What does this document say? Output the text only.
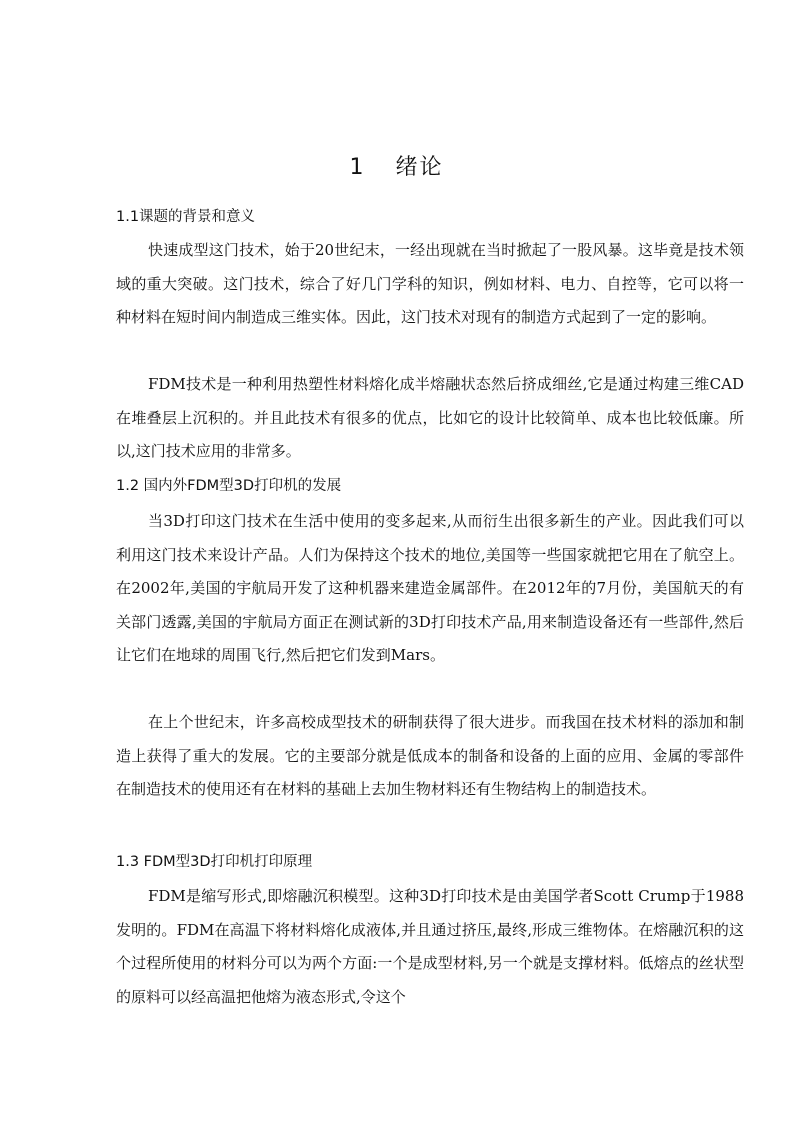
1 绪论
1.1课题的背景和意义
快速成型这门技术，始于20世纪末，一经出现就在当时掀起了一股风暴。这毕竟是技术领域的重大突破。这门技术，综合了好几门学科的知识，例如材料、电力、自控等，它可以将一种材料在短时间内制造成三维实体。因此，这门技术对现有的制造方式起到了一定的影响。
FDM技术是一种利用热塑性材料熔化成半熔融状态然后挤成细丝,它是通过构建三维CAD在堆叠层上沉积的。并且此技术有很多的优点，比如它的设计比较简单、成本也比较低廉。所以,这门技术应用的非常多。
1.2 国内外FDM型3D打印机的发展
当3D打印这门技术在生活中使用的变多起来,从而衍生出很多新生的产业。因此我们可以利用这门技术来设计产品。人们为保持这个技术的地位,美国等一些国家就把它用在了航空上。在2002年,美国的宇航局开发了这种机器来建造金属部件。在2012年的7月份，美国航天的有关部门透露,美国的宇航局方面正在测试新的3D打印技术产品,用来制造设备还有一些部件,然后让它们在地球的周围飞行,然后把它们发到Mars。
在上个世纪末，许多高校成型技术的研制获得了很大进步。而我国在技术材料的添加和制造上获得了重大的发展。它的主要部分就是低成本的制备和设备的上面的应用、金属的零部件在制造技术的使用还有在材料的基础上去加生物材料还有生物结构上的制造技术。
1.3 FDM型3D打印机打印原理
FDM是缩写形式,即熔融沉积模型。这种3D打印技术是由美国学者Scott Crump于1988发明的。FDM在高温下将材料熔化成液体,并且通过挤压,最终,形成三维物体。在熔融沉积的这个过程所使用的材料分可以为两个方面:一个是成型材料,另一个就是支撑材料。低熔点的丝状型的原料可以经高温把他熔为液态形式,令这个
